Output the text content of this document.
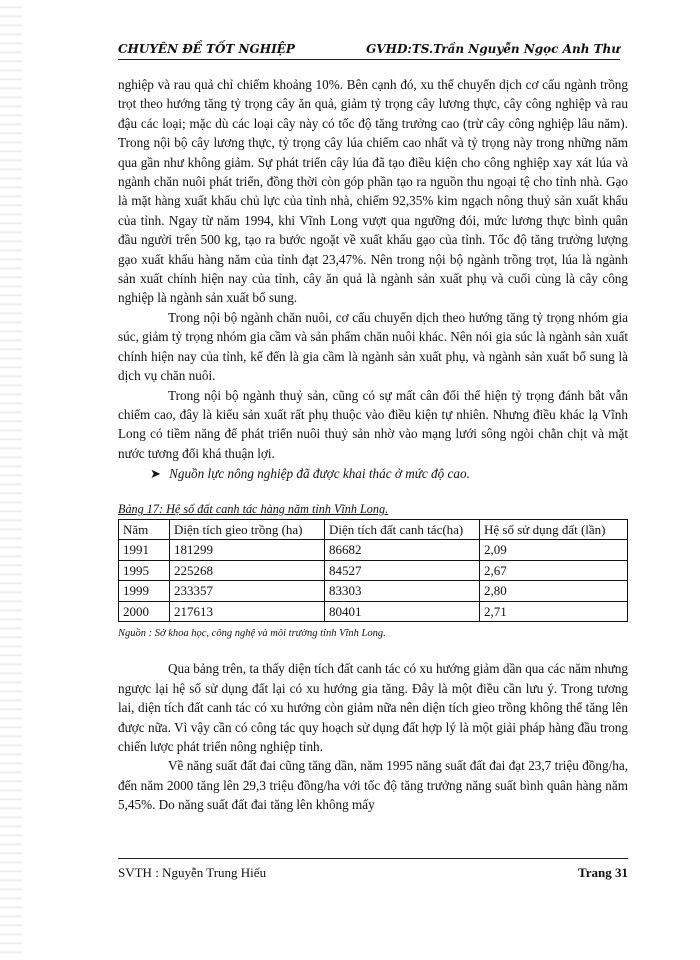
CHUYÊN ĐỀ TỐT NGHIỆP	GVHD:TS.Trần Nguyễn Ngọc Anh Thư

nghiệp và rau quả chỉ chiếm khoảng 10%. Bên cạnh đó, xu thế chuyển dịch cơ cấu ngành trồng trọt theo hướng tăng tỷ trọng cây ăn quả, giảm tỷ trọng cây lương thực, cây công nghiệp và rau đậu các loại; mặc dù các loại cây này có tốc độ tăng trưởng cao (trừ cây công nghiệp lâu năm). Trong nội bộ cây lương thực, tỷ trọng cây lúa chiếm cao nhất và tỷ trọng này trong những năm qua gần như không giảm. Sự phát triển cây lúa đã tạo điều kiện cho công nghiệp xay xát lúa và ngành chăn nuôi phát triển, đồng thời còn góp phần tạo ra nguồn thu ngoại tệ cho tỉnh nhà. Gạo là mặt hàng xuất khẩu chủ lực của tỉnh nhà, chiếm 92,35% kim ngạch nông thuỷ sản xuất khẩu của tỉnh. Ngay từ năm 1994, khi Vĩnh Long vượt qua ngưỡng đói, mức lương thực bình quân đầu người trên 500 kg, tạo ra bước ngoặt về xuất khẩu gạo của tỉnh. Tốc độ tăng trưởng lượng gạo xuất khẩu hàng năm của tỉnh đạt 23,47%. Nên trong nội bộ ngành trồng trọt, lúa là ngành sản xuất chính hiện nay của tỉnh, cây ăn quả là ngành sản xuất phụ và cuối cùng là cây công nghiệp là ngành sản xuất bổ sung.

Trong nội bộ ngành chăn nuôi, cơ cấu chuyển dịch theo hướng tăng tỷ trọng nhóm gia súc, giảm tỷ trọng nhóm gia cầm và sản phẩm chăn nuôi khác. Nên nói gia súc là ngành sản xuất chính hiện nay của tỉnh, kế đến là gia cầm là ngành sản xuất phụ, và ngành sản xuất bổ sung là dịch vụ chăn nuôi.

Trong nội bộ ngành thuỷ sản, cũng có sự mất cân đối thể hiện tỷ trọng đánh bắt vẫn chiếm cao, đây là kiểu sản xuất rất phụ thuộc vào điều kiện tự nhiên. Nhưng điều khác lạ Vĩnh Long có tiềm năng để phát triển nuôi thuỷ sản nhờ vào mạng lưới sông ngòi chằn chịt và mặt nước tương đối khá thuận lợi.

➤ Nguồn lực nông nghiệp đã được khai thác ở mức độ cao.

Bảng 17: Hệ số đất canh tác hàng năm tỉnh Vĩnh Long.

Năm	Diện tích gieo trồng (ha)	Diện tích đất canh tác(ha)	Hệ số sử dụng đất (lần)
1991	181299	86682	2,09
1995	225268	84527	2,67
1999	233357	83303	2,80
2000	217613	80401	2,71

Nguồn : Sở khoa học, công nghệ và môi trường tỉnh Vĩnh Long.

Qua bảng trên, ta thấy diện tích đất canh tác có xu hướng giảm dần qua các năm nhưng ngược lại hệ số sử dụng đất lại có xu hướng gia tăng. Đây là một điều cần lưu ý. Trong tương lai, diện tích đất canh tác có xu hướng còn giảm nữa nên diện tích gieo trồng không thể tăng lên được nữa. Vì vậy cần có công tác quy hoạch sử dụng đất hợp lý là một giải pháp hàng đầu trong chiến lược phát triển nông nghiệp tỉnh.

Về năng suất đất đai cũng tăng dần, năm 1995 năng suất đất đai đạt 23,7 triệu đồng/ha, đến năm 2000 tăng lên 29,3 triệu đồng/ha với tốc độ tăng trưởng năng suất bình quân hàng năm 5,45%. Do năng suất đất đai tăng lên không mấy

SVTH : Nguyễn Trung Hiếu	Trang 31
